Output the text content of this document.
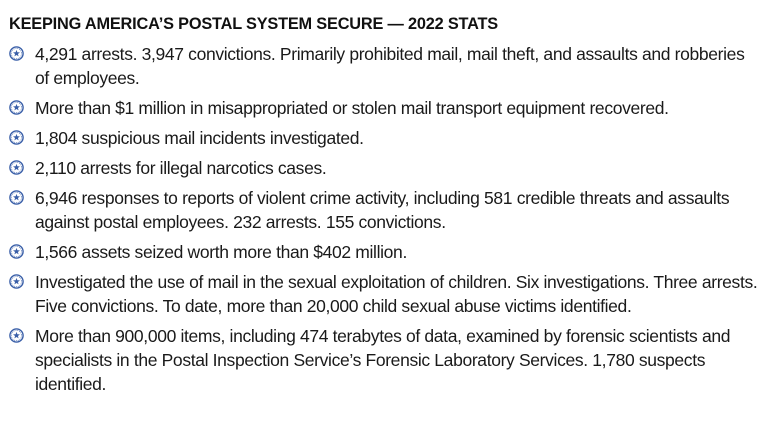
KEEPING AMERICA’S POSTAL SYSTEM SECURE — 2022 STATS
4,291 arrests. 3,947 convictions. Primarily prohibited mail, mail theft, and assaults and robberies of employees.
More than $1 million in misappropriated or stolen mail transport equipment recovered.
1,804 suspicious mail incidents investigated.
2,110 arrests for illegal narcotics cases.
6,946 responses to reports of violent crime activity, including 581 credible threats and assaults against postal employees. 232 arrests. 155 convictions.
1,566 assets seized worth more than $402 million.
Investigated the use of mail in the sexual exploitation of children. Six investigations. Three arrests. Five convictions. To date, more than 20,000 child sexual abuse victims identified.
More than 900,000 items, including 474 terabytes of data, examined by forensic scientists and specialists in the Postal Inspection Service’s Forensic Laboratory Services. 1,780 suspects identified.
